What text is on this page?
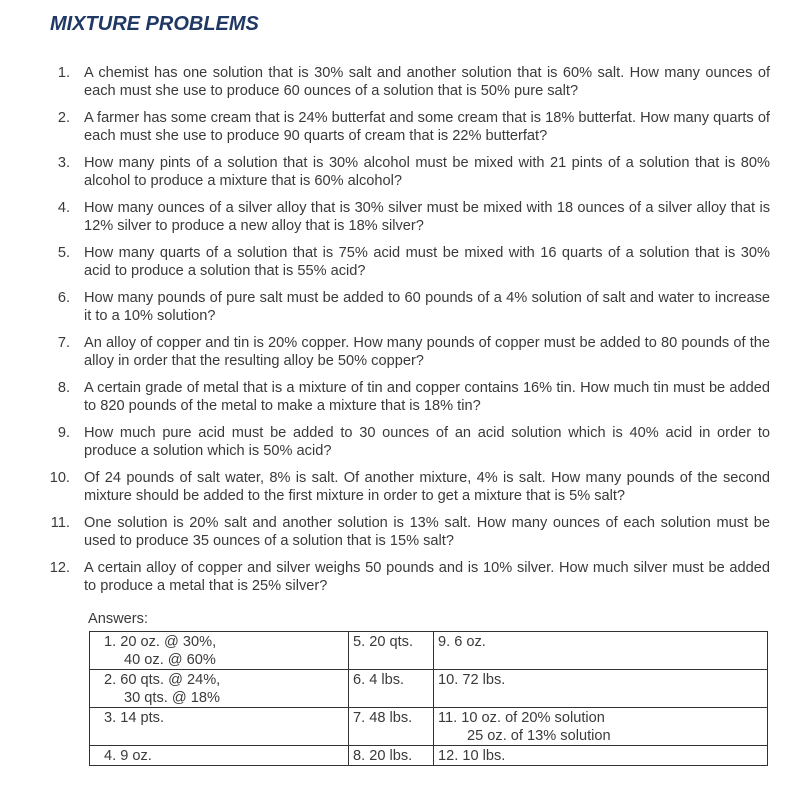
MIXTURE PROBLEMS
1. A chemist has one solution that is 30% salt and another solution that is 60% salt. How many ounces of each must she use to produce 60 ounces of a solution that is 50% pure salt?
2. A farmer has some cream that is 24% butterfat and some cream that is 18% butterfat. How many quarts of each must she use to produce 90 quarts of cream that is 22% butterfat?
3. How many pints of a solution that is 30% alcohol must be mixed with 21 pints of a solution that is 80% alcohol to produce a mixture that is 60% alcohol?
4. How many ounces of a silver alloy that is 30% silver must be mixed with 18 ounces of a silver alloy that is 12% silver to produce a new alloy that is 18% silver?
5. How many quarts of a solution that is 75% acid must be mixed with 16 quarts of a solution that is 30% acid to produce a solution that is 55% acid?
6. How many pounds of pure salt must be added to 60 pounds of a 4% solution of salt and water to increase it to a 10% solution?
7. An alloy of copper and tin is 20% copper. How many pounds of copper must be added to 80 pounds of the alloy in order that the resulting alloy be 50% copper?
8. A certain grade of metal that is a mixture of tin and copper contains 16% tin. How much tin must be added to 820 pounds of the metal to make a mixture that is 18% tin?
9. How much pure acid must be added to 30 ounces of an acid solution which is 40% acid in order to produce a solution which is 50% acid?
10. Of 24 pounds of salt water, 8% is salt. Of another mixture, 4% is salt. How many pounds of the second mixture should be added to the first mixture in order to get a mixture that is 5% salt?
11. One solution is 20% salt and another solution is 13% salt. How many ounces of each solution must be used to produce 35 ounces of a solution that is 15% salt?
12. A certain alloy of copper and silver weighs 50 pounds and is 10% silver. How much silver must be added to produce a metal that is 25% silver?
Answers:
1. 20 oz. @ 30%,
40 oz. @ 60%	5. 20 qts.	9. 6 oz.

2. 60 qts. @ 24%,
30 qts. @ 18%	6. 4 lbs.	10. 72 lbs.

3. 14 pts.	7. 48 lbs.	11. 10 oz. of 20% solution
25 oz. of 13% solution

4. 9 oz.	8. 20 lbs.	12. 10 lbs.
